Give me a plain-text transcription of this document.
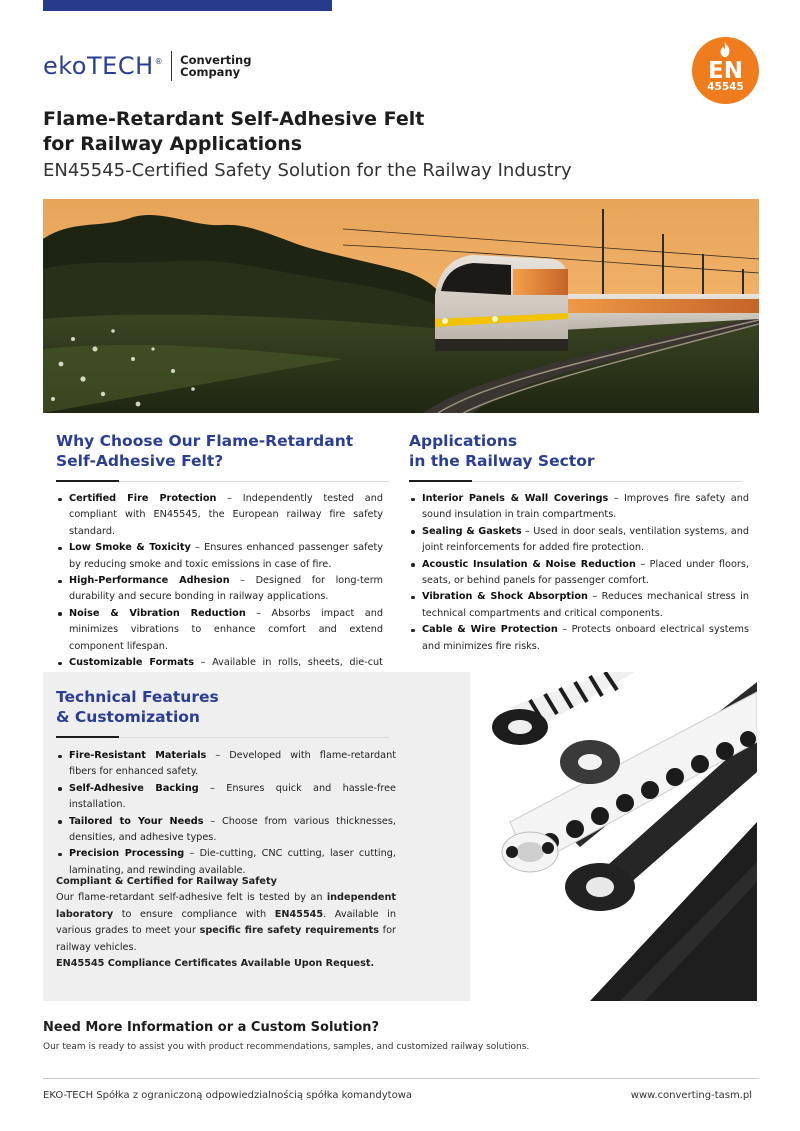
ekoTECH ® Converting
Company	EN
45545
Flame-Retardant Self-Adhesive Felt
for Railway Applications
EN45545-Certified Safety Solution for the Railway Industry
Why Choose Our Flame-Retardant
Self-Adhesive Felt?
Certified Fire Protection – Independently tested and compliant with EN45545, the European railway fire safety standard.
Low Smoke & Toxicity – Ensures enhanced passenger safety by reducing smoke and toxic emissions in case of fire.
High-Performance Adhesion – Designed for long-term durability and secure bonding in railway applications.
Noise & Vibration Reduction – Absorbs impact and minimizes vibrations to enhance comfort and extend component lifespan.
Customizable Formats – Available in rolls, sheets, die-cut
Applications
in the Railway Sector
Interior Panels & Wall Coverings – Improves fire safety and sound insulation in train compartments.
Sealing & Gaskets – Used in door seals, ventilation systems, and joint reinforcements for added fire protection.
Acoustic Insulation & Noise Reduction – Placed under floors, seats, or behind panels for passenger comfort.
Vibration & Shock Absorption – Reduces mechanical stress in technical compartments and critical components.
Cable & Wire Protection – Protects onboard electrical systems and minimizes fire risks.
Technical Features
& Customization
Fire-Resistant Materials – Developed with flame-retardant fibers for enhanced safety.
Self-Adhesive Backing – Ensures quick and hassle-free installation.
Tailored to Your Needs – Choose from various thicknesses, densities, and adhesive types.
Precision Processing – Die-cutting, CNC cutting, laser cutting, laminating, and rewinding available.
Compliant & Certified for Railway Safety
Our flame-retardant self-adhesive felt is tested by an independent laboratory to ensure compliance with EN45545. Available in various grades to meet your specific fire safety requirements for railway vehicles.
EN45545 Compliance Certificates Available Upon Request.
Need More Information or a Custom Solution?
Our team is ready to assist you with product recommendations, samples, and customized railway solutions.
EKO-TECH Spółka z ograniczoną odpowiedzialnością spółka komandytowa	www.converting-tasm.pl
